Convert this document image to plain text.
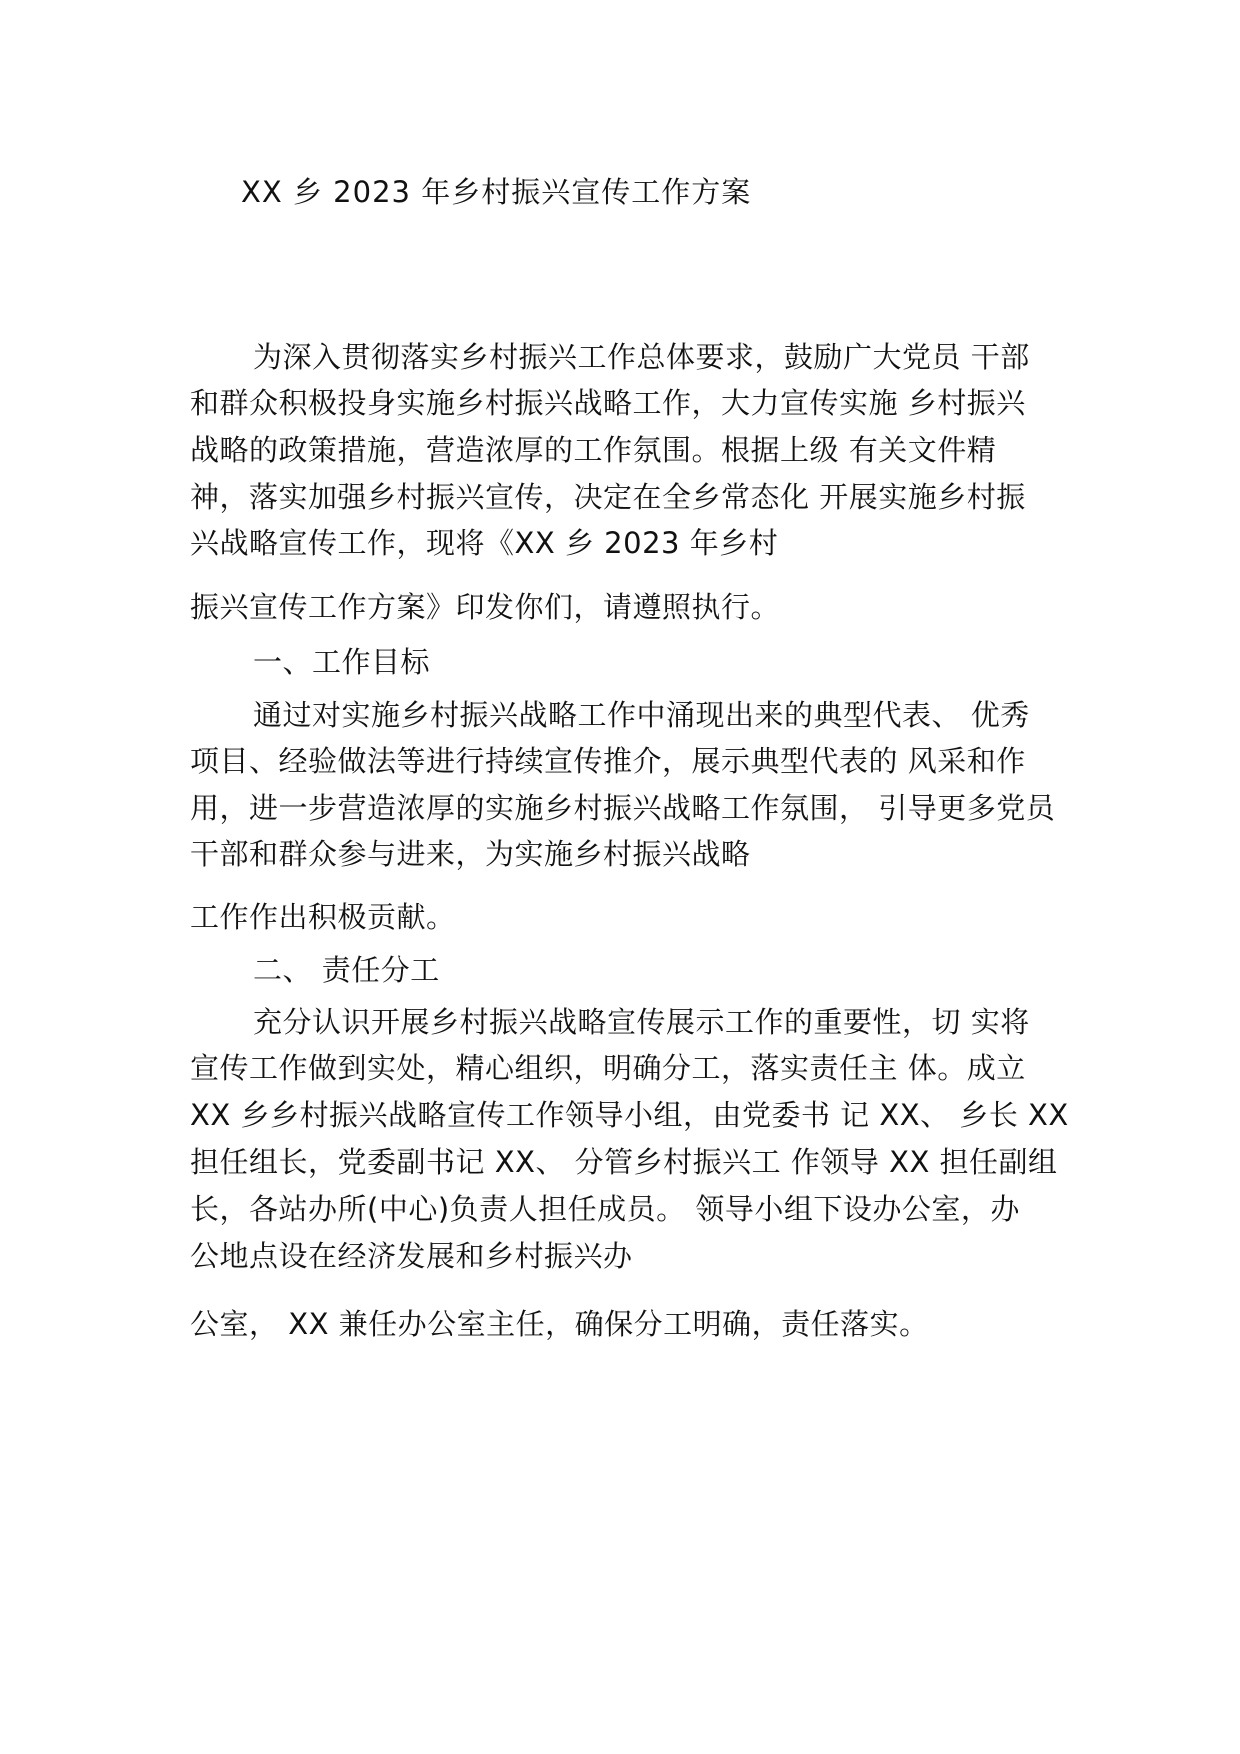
XX 乡 2023 年乡村振兴宣传工作方案
为深入贯彻落实乡村振兴工作总体要求，鼓励广大党员 干部
和群众积极投身实施乡村振兴战略工作，大力宣传实施 乡村振兴
战略的政策措施，营造浓厚的工作氛围。根据上级 有关文件精
神，落实加强乡村振兴宣传，决定在全乡常态化 开展实施乡村振
兴战略宣传工作，现将《XX 乡 2023 年乡村
振兴宣传工作方案》印发你们，请遵照执行。
一、工作目标
通过对实施乡村振兴战略工作中涌现出来的典型代表、 优秀
项目、经验做法等进行持续宣传推介，展示典型代表的 风采和作
用，进一步营造浓厚的实施乡村振兴战略工作氛围， 引导更多党员
干部和群众参与进来，为实施乡村振兴战略
工作作出积极贡献。
二、 责任分工
充分认识开展乡村振兴战略宣传展示工作的重要性，切 实将
宣传工作做到实处，精心组织，明确分工，落实责任主 体。成立
XX 乡乡村振兴战略宣传工作领导小组，由党委书 记 XX、 乡长 XX
担任组长，党委副书记 XX、 分管乡村振兴工 作领导 XX 担任副组
长，各站办所(中心)负责人担任成员。 领导小组下设办公室，办
公地点设在经济发展和乡村振兴办
公室， XX 兼任办公室主任，确保分工明确，责任落实。
